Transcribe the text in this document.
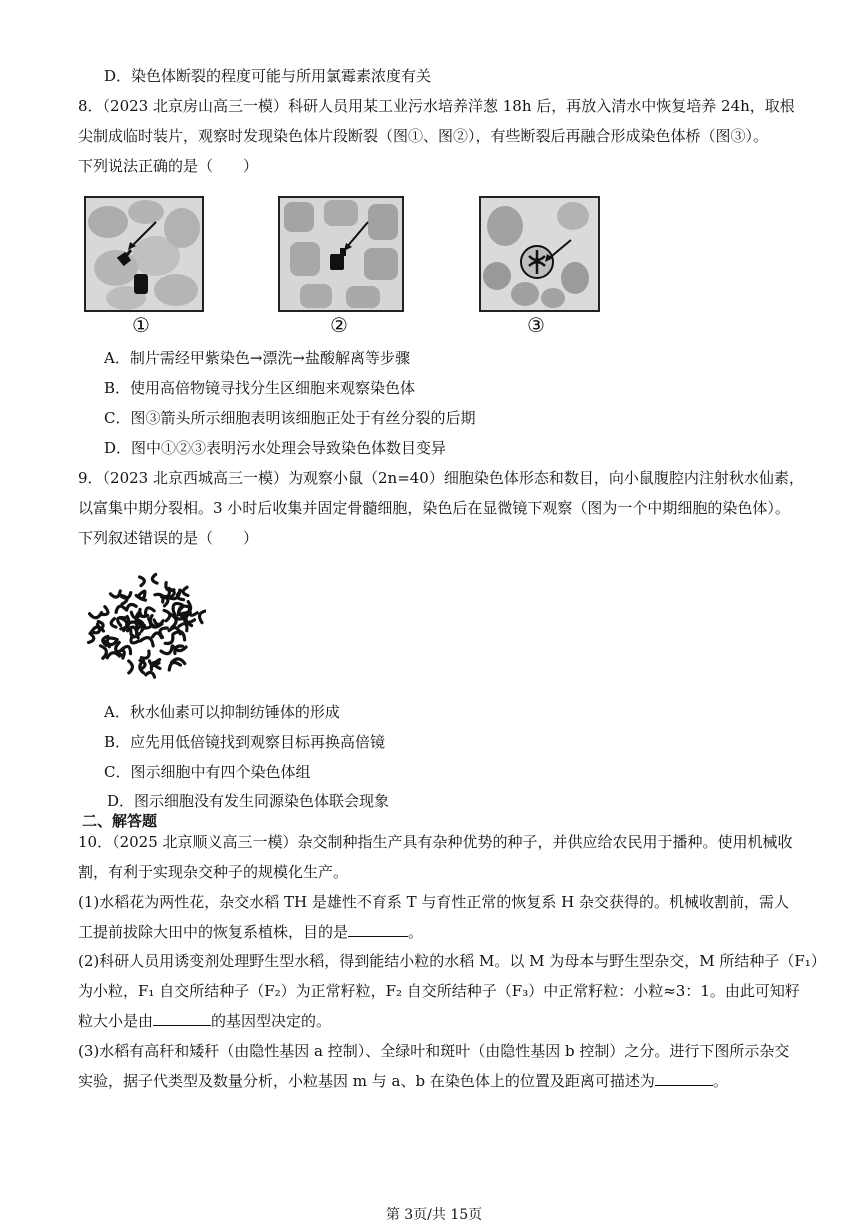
D．染色体断裂的程度可能与所用氯霉素浓度有关
8．（2023 北京房山高三一模）科研人员用某工业污水培养洋葱 18h 后，再放入清水中恢复培养 24h，取根
尖制成临时装片，观察时发现染色体片段断裂（图①、图②），有些断裂后再融合形成染色体桥（图③）。
下列说法正确的是（　　）
①	②	③
A．制片需经甲紫染色→漂洗→盐酸解离等步骤
B．使用高倍物镜寻找分生区细胞来观察染色体
C．图③箭头所示细胞表明该细胞正处于有丝分裂的后期
D．图中①②③表明污水处理会导致染色体数目变异
9．（2023 北京西城高三一模）为观察小鼠（2n=40）细胞染色体形态和数目，向小鼠腹腔内注射秋水仙素，
以富集中期分裂相。3 小时后收集并固定骨髓细胞，染色后在显微镜下观察（图为一个中期细胞的染色体）。
下列叙述错误的是（　　）
A．秋水仙素可以抑制纺锤体的形成
B．应先用低倍镜找到观察目标再换高倍镜
C．图示细胞中有四个染色体组
D．图示细胞没有发生同源染色体联会现象
二、解答题
10．（2025 北京顺义高三一模）杂交制种指生产具有杂种优势的种子，并供应给农民用于播种。使用机械收
割，有利于实现杂交种子的规模化生产。
(1)水稻花为两性花，杂交水稻 TH 是雄性不育系 T 与育性正常的恢复系 H 杂交获得的。机械收割前，需人
工提前拔除大田中的恢复系植株，目的是	。
(2)科研人员用诱变剂处理野生型水稻，得到能结小粒的水稻 M。以 M 为母本与野生型杂交，M 所结种子（F₁）
为小粒，F₁ 自交所结种子（F₂）为正常籽粒，F₂ 自交所结种子（F₃）中正常籽粒：小粒≈3：1。由此可知籽
粒大小是由	的基因型决定的。
(3)水稻有高秆和矮秆（由隐性基因 a 控制）、全绿叶和斑叶（由隐性基因 b 控制）之分。进行下图所示杂交
实验，据子代类型及数量分析，小粒基因 m 与 a、b 在染色体上的位置及距离可描述为	。
第 3页/共 15页
